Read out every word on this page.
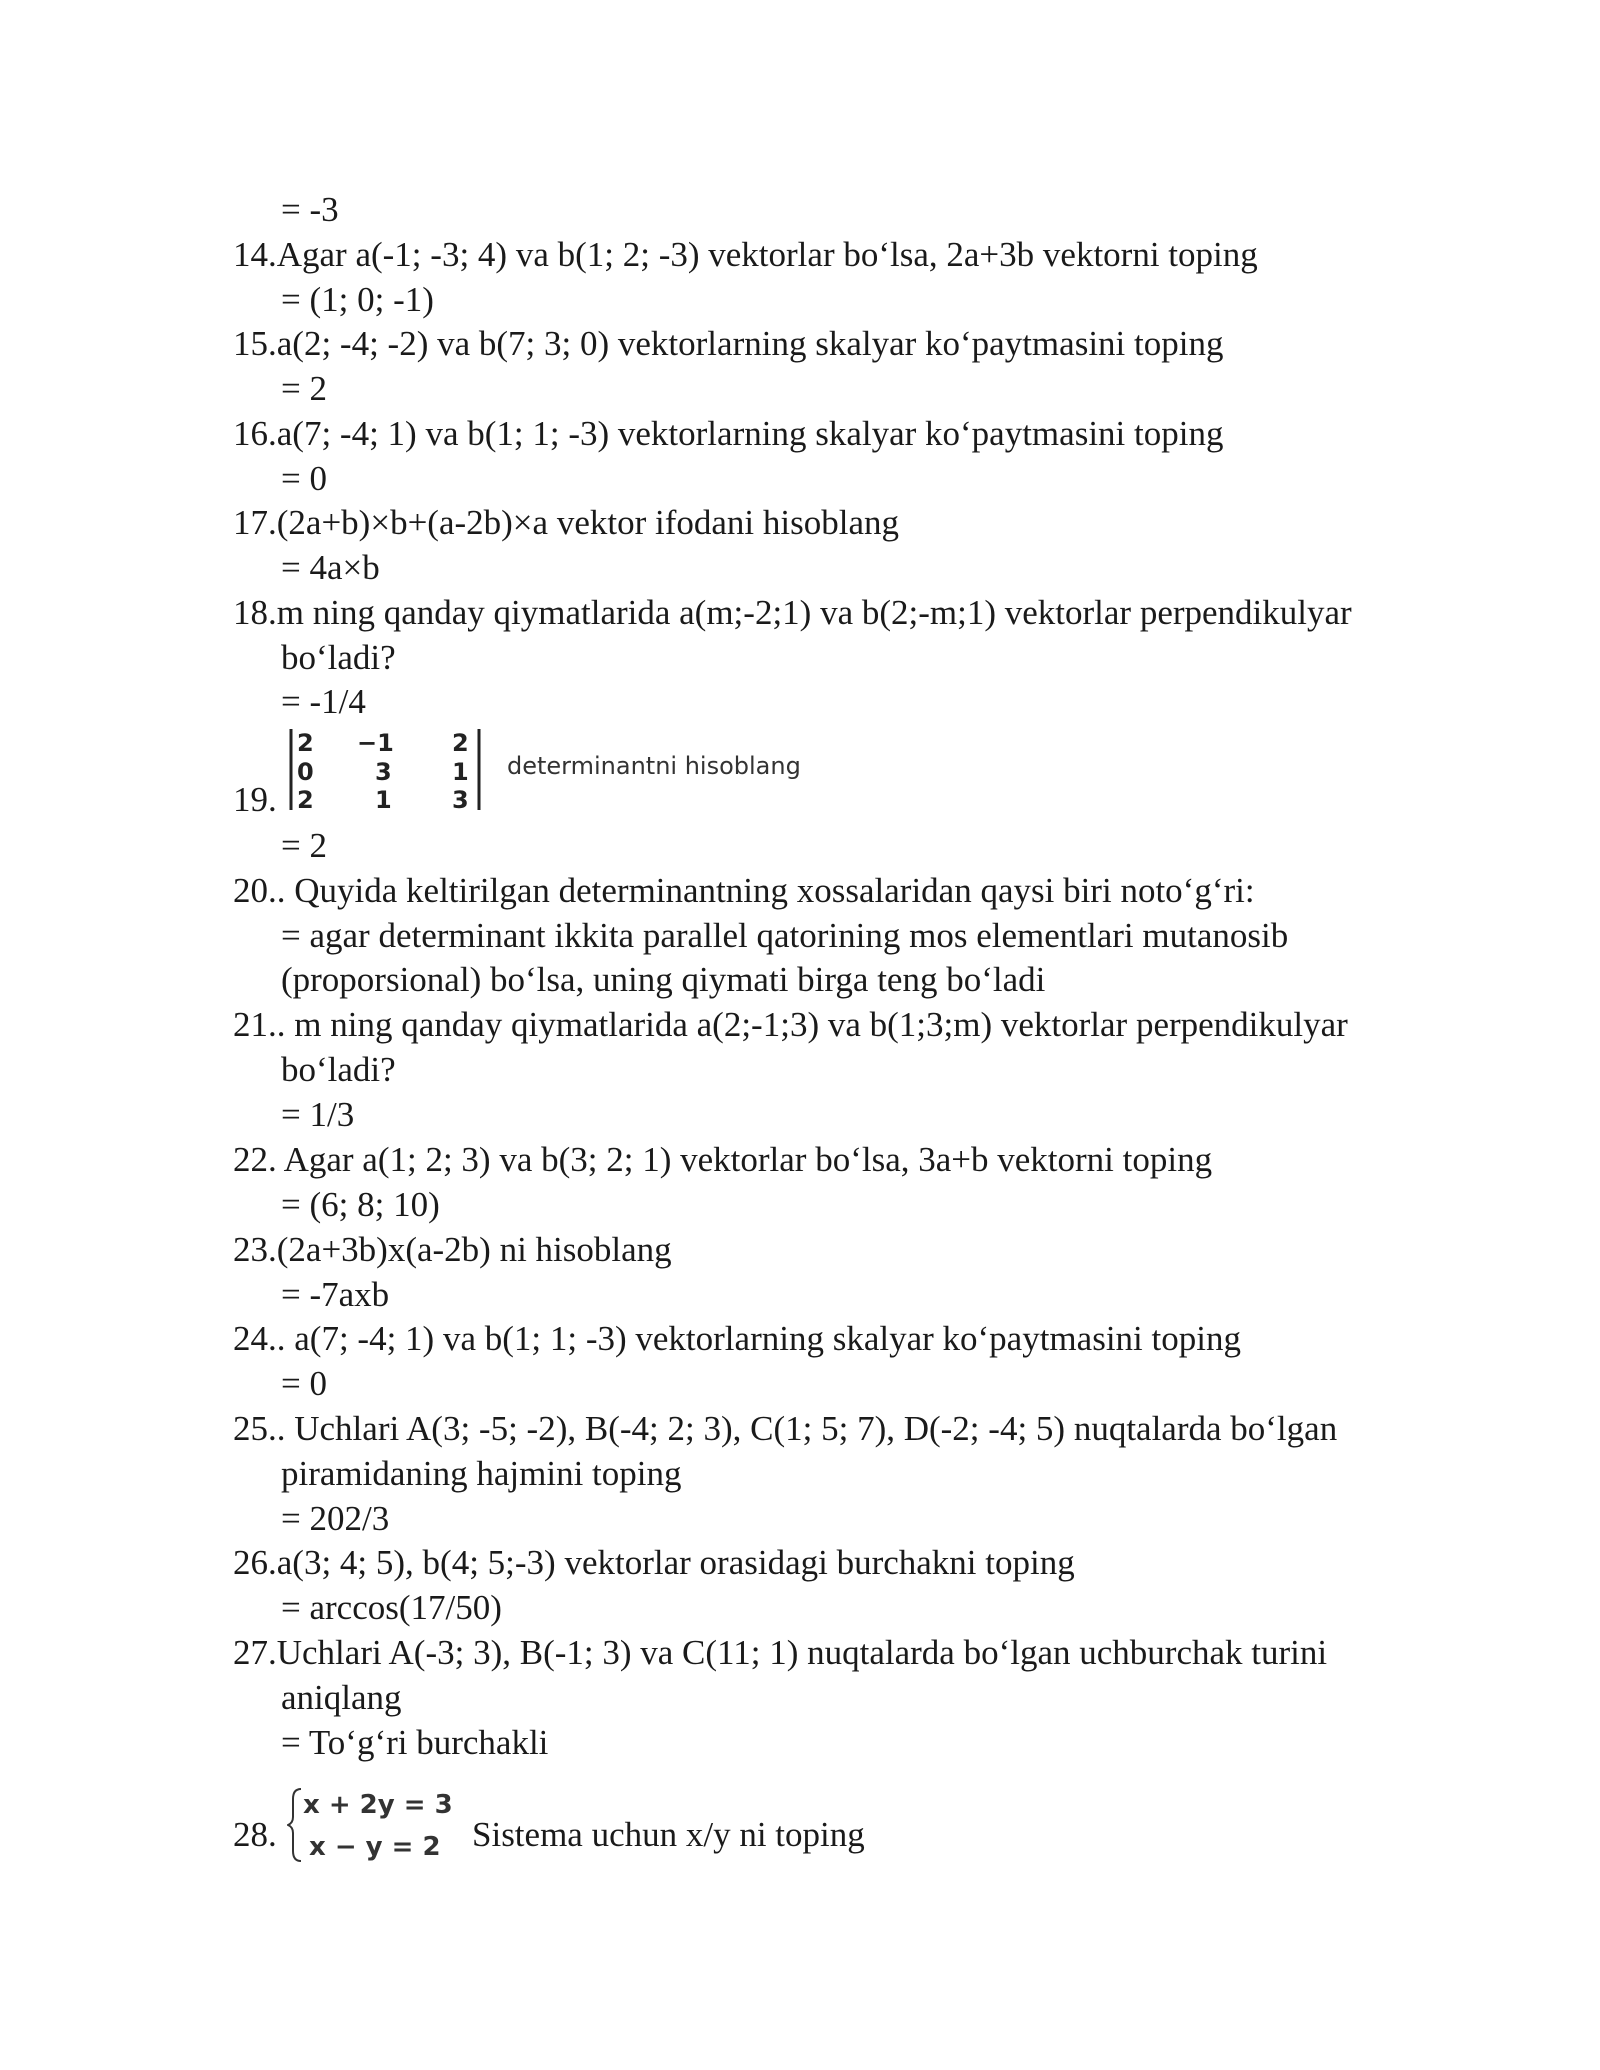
= -3
14.Agar a(-1; -3; 4) va b(1; 2; -3) vektorlar bo‘lsa, 2a+3b vektorni toping
= (1; 0; -1)
15.a(2; -4; -2) va b(7; 3; 0) vektorlarning skalyar ko‘paytmasini toping
= 2
16.a(7; -4; 1) va b(1; 1; -3) vektorlarning skalyar ko‘paytmasini toping
= 0
17.(2a+b)×b+(a-2b)×a vektor ifodani hisoblang
= 4a×b
18.m ning qanday qiymatlarida a(m;-2;1) va b(2;-m;1) vektorlar perpendikulyar
bo‘ladi?
= -1/4
19.
2 −1 2
0	3	1
2	1	3
determinantni hisoblang
= 2
20.. Quyida keltirilgan determinantning xossalaridan qaysi biri noto‘g‘ri:
= agar determinant ikkita parallel qatorining mos elementlari mutanosib
(proporsional) bo‘lsa, uning qiymati birga teng bo‘ladi
21.. m ning qanday qiymatlarida a(2;-1;3) va b(1;3;m) vektorlar perpendikulyar
bo‘ladi?
= 1/3
22. Agar a(1; 2; 3) va b(3; 2; 1) vektorlar bo‘lsa, 3a+b vektorni toping
= (6; 8; 10)
23.(2a+3b)x(a-2b) ni hisoblang
= -7axb
24.. a(7; -4; 1) va b(1; 1; -3) vektorlarning skalyar ko‘paytmasini toping
= 0
25.. Uchlari A(3; -5; -2), B(-4; 2; 3), C(1; 5; 7), D(-2; -4; 5) nuqtalarda bo‘lgan
piramidaning hajmini toping
= 202/3
26.a(3; 4; 5), b(4; 5;-3) vektorlar orasidagi burchakni toping
= arccos(17/50)
27.Uchlari A(-3; 3), B(-1; 3) va C(11; 1) nuqtalarda bo‘lgan uchburchak turini
aniqlang
= To‘g‘ri burchakli
28.
x + 2y = 3
x − y = 2 Sistema uchun x/y ni toping
